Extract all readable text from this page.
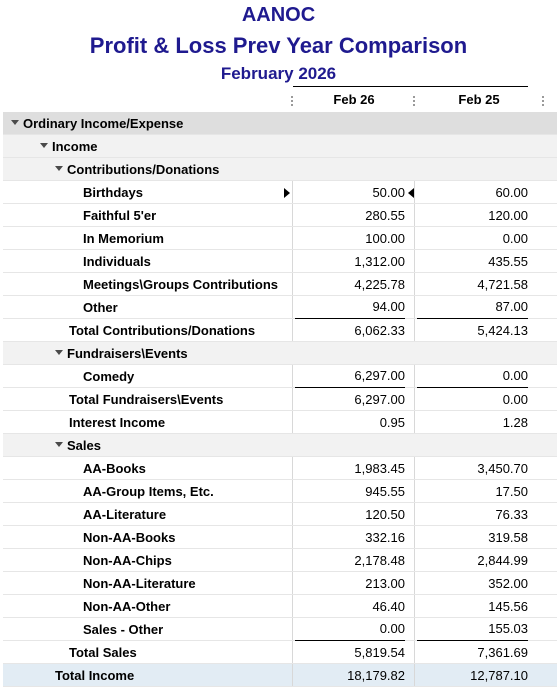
AANOC
Profit & Loss Prev Year Comparison
February 2026
Feb 26	Feb 25
Ordinary Income/Expense
Income
Contributions/Donations
Birthdays	50.00	60.00
Faithful 5'er	280.55	120.00
In Memorium	100.00	0.00
Individuals	1,312.00	435.55
Meetings\Groups Contributions	4,225.78	4,721.58
Other	94.00	87.00
Total Contributions/Donations	6,062.33	5,424.13
Fundraisers\Events
Comedy	6,297.00	0.00
Total Fundraisers\Events	6,297.00	0.00
Interest Income	0.95	1.28
Sales
AA-Books	1,983.45	3,450.70
AA-Group Items, Etc.	945.55	17.50
AA-Literature	120.50	76.33
Non-AA-Books	332.16	319.58
Non-AA-Chips	2,178.48	2,844.99
Non-AA-Literature	213.00	352.00
Non-AA-Other	46.40	145.56
Sales - Other	0.00	155.03
Total Sales	5,819.54	7,361.69
Total Income	18,179.82	12,787.10
